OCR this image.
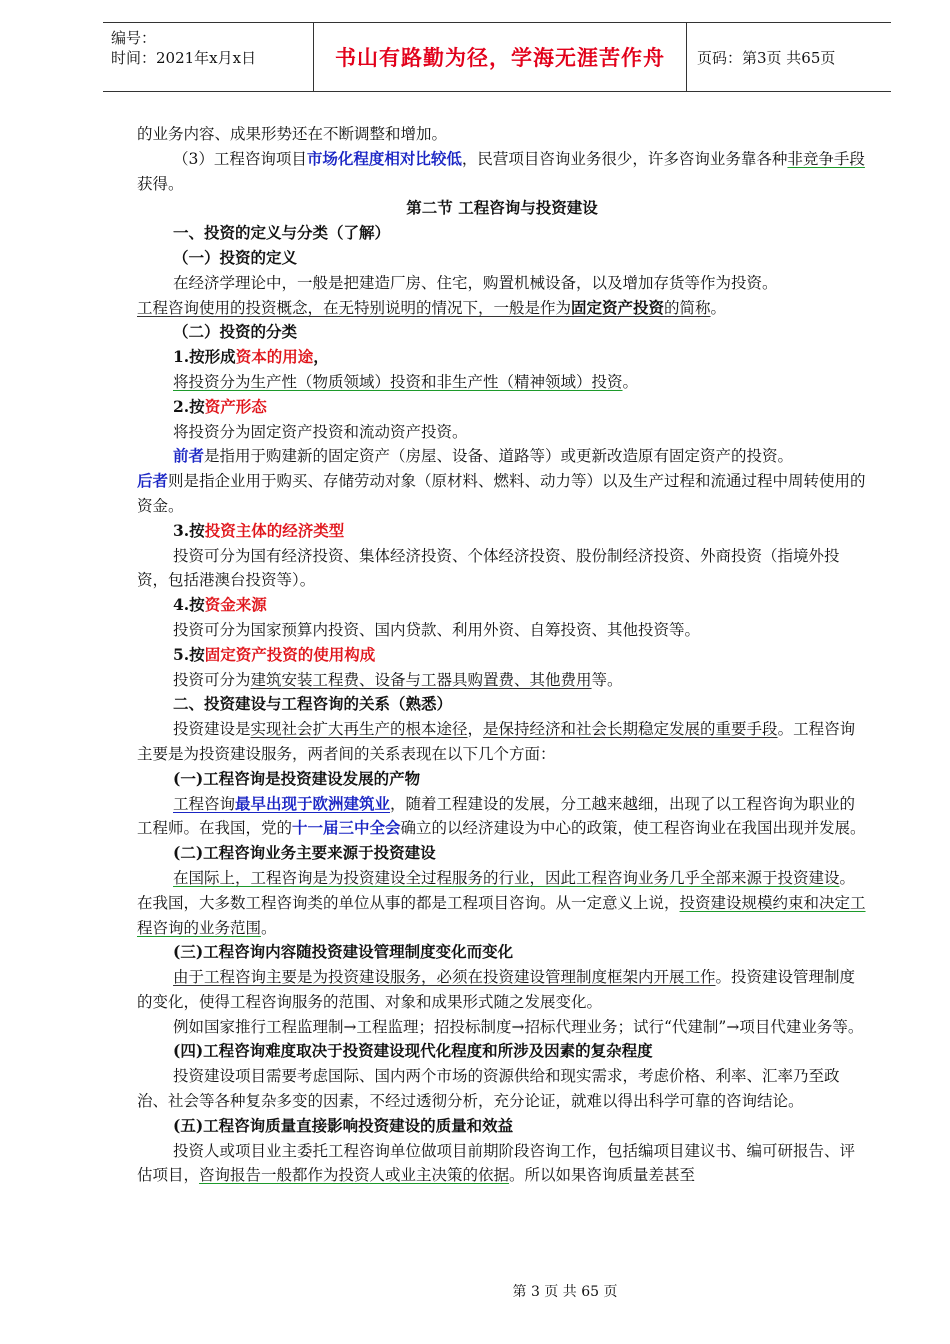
编号：
时间：2021年x月x日	书山有路勤为径，学海无涯苦作舟	页码：第3页 共65页

的业务内容、成果形势还在不断调整和增加。

（3）工程咨询项目市场化程度相对比较低，民营项目咨询业务很少，许多咨询业务靠各种非竞争手段获得。

第二节 工程咨询与投资建设

一、投资的定义与分类（了解）

（一）投资的定义

在经济学理论中，一般是把建造厂房、住宅，购置机械设备，以及增加存货等作为投资。

工程咨询使用的投资概念，在无特别说明的情况下，一般是作为固定资产投资的简称。

（二）投资的分类

1.按形成资本的用途，

将投资分为生产性（物质领域）投资和非生产性（精神领域）投资。

2.按资产形态

将投资分为固定资产投资和流动资产投资。

前者是指用于购建新的固定资产（房屋、设备、道路等）或更新改造原有固定资产的投资。

后者则是指企业用于购买、存储劳动对象（原材料、燃料、动力等）以及生产过程和流通过程中周转使用的资金。

3.按投资主体的经济类型

投资可分为国有经济投资、集体经济投资、个体经济投资、股份制经济投资、外商投资（指境外投资，包括港澳台投资等）。

4.按资金来源

投资可分为国家预算内投资、国内贷款、利用外资、自筹投资、其他投资等。

5.按固定资产投资的使用构成

投资可分为建筑安装工程费、设备与工器具购置费、其他费用等。

二、投资建设与工程咨询的关系（熟悉）

投资建设是实现社会扩大再生产的根本途径，是保持经济和社会长期稳定发展的重要手段。工程咨询主要是为投资建设服务，两者间的关系表现在以下几个方面：

(一)工程咨询是投资建设发展的产物

工程咨询最早出现于欧洲建筑业，随着工程建设的发展，分工越来越细，出现了以工程咨询为职业的工程师。在我国，党的十一届三中全会确立的以经济建设为中心的政策，使工程咨询业在我国出现并发展。

(二)工程咨询业务主要来源于投资建设

在国际上，工程咨询是为投资建设全过程服务的行业，因此工程咨询业务几乎全部来源于投资建设。在我国，大多数工程咨询类的单位从事的都是工程项目咨询。从一定意义上说，投资建设规模约束和决定工程咨询的业务范围。

(三)工程咨询内容随投资建设管理制度变化而变化

由于工程咨询主要是为投资建设服务，必须在投资建设管理制度框架内开展工作。投资建设管理制度的变化，使得工程咨询服务的范围、对象和成果形式随之发展变化。

例如国家推行工程监理制→工程监理；招投标制度→招标代理业务；试行“代建制”→项目代建业务等。

(四)工程咨询难度取决于投资建设现代化程度和所涉及因素的复杂程度

投资建设项目需要考虑国际、国内两个市场的资源供给和现实需求，考虑价格、利率、汇率乃至政治、社会等各种复杂多变的因素，不经过透彻分析，充分论证，就难以得出科学可靠的咨询结论。

(五)工程咨询质量直接影响投资建设的质量和效益

投资人或项目业主委托工程咨询单位做项目前期阶段咨询工作，包括编项目建议书、编可研报告、评估项目，咨询报告一般都作为投资人或业主决策的依据。所以如果咨询质量差甚至

第 3 页 共 65 页
